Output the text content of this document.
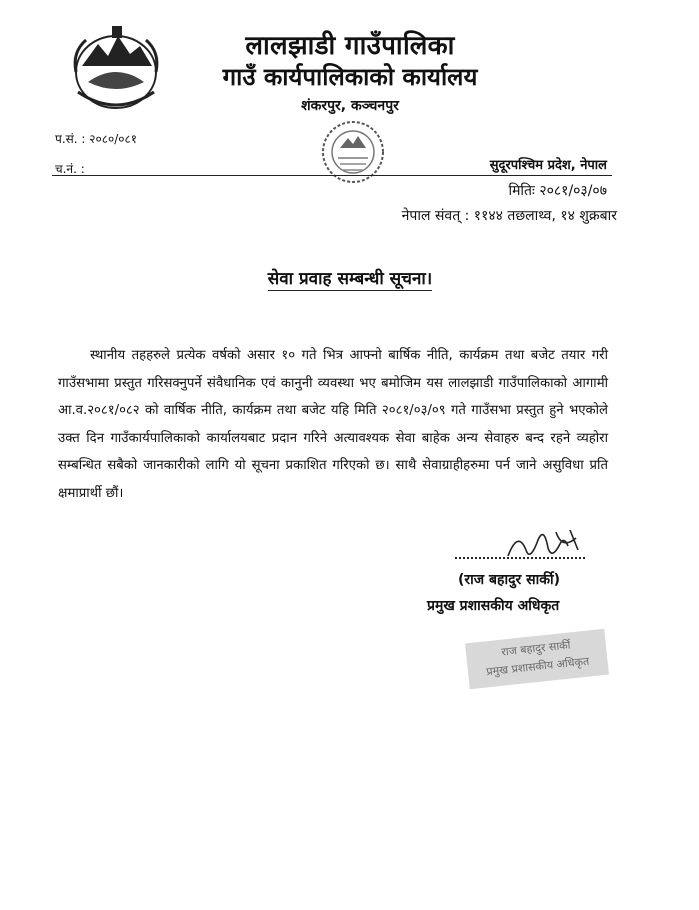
लालझाडी गाउँपालिका
गाउँ कार्यपालिकाको कार्यालय
शंकरपुर, कञ्चनपुर
प.सं. : २०८०/०८१
च.नं. :	सुदूरपश्चिम प्रदेश, नेपाल
मितिः २०८१/०३/०७
नेपाल संवत् : ११४४ तछलाथ्व, १४ शुक्रबार
सेवा प्रवाह सम्बन्धी सूचना।
स्थानीय तहहरुले प्रत्येक वर्षको असार १० गते भित्र आफ्नो बार्षिक नीति, कार्यक्रम तथा बजेट तयार गरी गाउँसभामा प्रस्तुत गरिसक्नुपर्ने संवैधानिक एवं कानुनी व्यवस्था भए बमोजिम यस लालझाडी गाउँपालिकाको आगामी आ.व.२०८१/०८२ को वार्षिक नीति, कार्यक्रम तथा बजेट यहि मिति २०८१/०३/०९ गते गाउँसभा प्रस्तुत हुने भएकोले उक्त दिन गाउँकार्यपालिकाको कार्यालयबाट प्रदान गरिने अत्यावश्यक सेवा बाहेक अन्य सेवाहरु बन्द रहने व्यहोरा सम्बन्धित सबैको जानकारीको लागि यो सूचना प्रकाशित गरिएको छ। साथै सेवाग्राहीहरुमा पर्न जाने असुविधा प्रति क्षमाप्रार्थी छौं।
(राज बहादुर सार्की)
प्रमुख प्रशासकीय अधिकृत
राज बहादुर सार्की
प्रमुख प्रशासकीय अधिकृत
